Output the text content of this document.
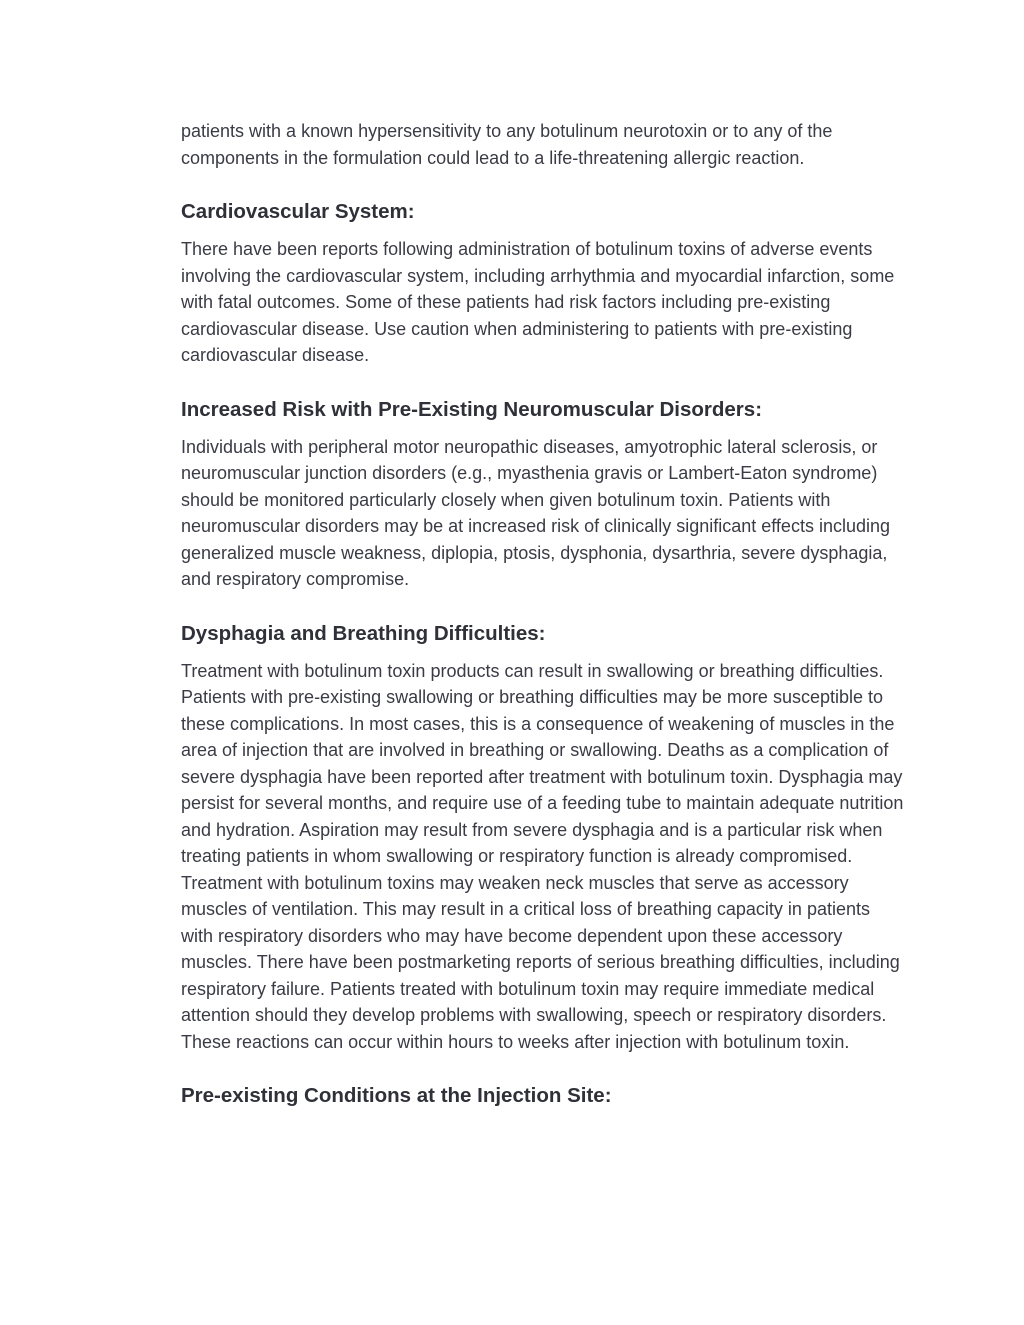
patients with a known hypersensitivity to any botulinum neurotoxin or to any of the components in the formulation could lead to a life-threatening allergic reaction.

Cardiovascular System:

There have been reports following administration of botulinum toxins of adverse events involving the cardiovascular system, including arrhythmia and myocardial infarction, some with fatal outcomes. Some of these patients had risk factors including pre-existing cardiovascular disease. Use caution when administering to patients with pre-existing cardiovascular disease.

Increased Risk with Pre-Existing Neuromuscular Disorders:

Individuals with peripheral motor neuropathic diseases, amyotrophic lateral sclerosis, or neuromuscular junction disorders (e.g., myasthenia gravis or Lambert-Eaton syndrome) should be monitored particularly closely when given botulinum toxin. Patients with neuromuscular disorders may be at increased risk of clinically significant effects including generalized muscle weakness, diplopia, ptosis, dysphonia, dysarthria, severe dysphagia, and respiratory compromise.

Dysphagia and Breathing Difficulties:

Treatment with botulinum toxin products can result in swallowing or breathing difficulties. Patients with pre-existing swallowing or breathing difficulties may be more susceptible to these complications. In most cases, this is a consequence of weakening of muscles in the area of injection that are involved in breathing or swallowing. Deaths as a complication of severe dysphagia have been reported after treatment with botulinum toxin. Dysphagia may persist for several months, and require use of a feeding tube to maintain adequate nutrition and hydration. Aspiration may result from severe dysphagia and is a particular risk when treating patients in whom swallowing or respiratory function is already compromised. Treatment with botulinum toxins may weaken neck muscles that serve as accessory muscles of ventilation. This may result in a critical loss of breathing capacity in patients with respiratory disorders who may have become dependent upon these accessory muscles. There have been postmarketing reports of serious breathing difficulties, including respiratory failure. Patients treated with botulinum toxin may require immediate medical attention should they develop problems with swallowing, speech or respiratory disorders. These reactions can occur within hours to weeks after injection with botulinum toxin.

Pre-existing Conditions at the Injection Site:
